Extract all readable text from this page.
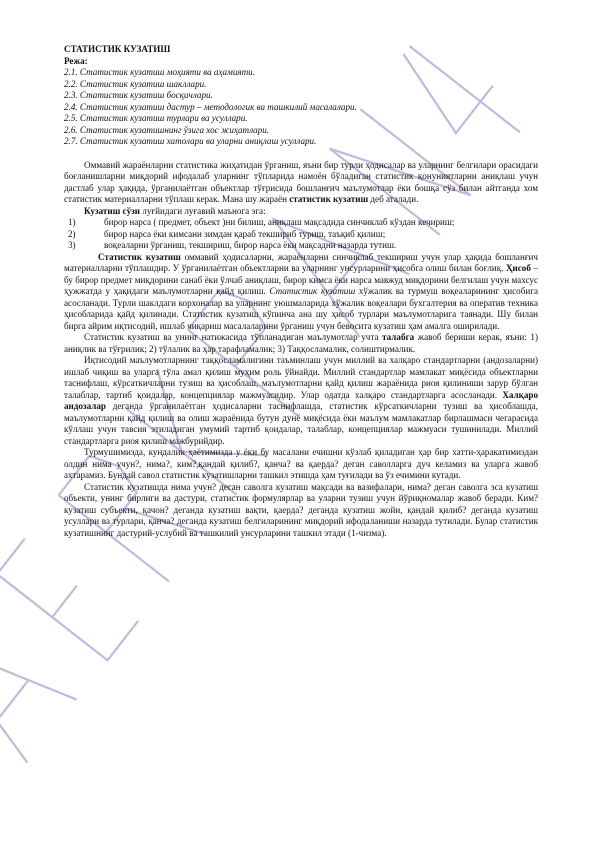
СТАТИСТИК КУЗАТИШ

Режа:

2.1. Статистик кузатиш моҳияти ва аҳамияти.
2.2. Статистик кузатиш шакллари.
2.3. Статистик кузатиш босқичлари.
2.4. Статистик кузатиш дастур – методологик ва ташкилий масалалари.
2.5. Статистик кузатиш турлари ва усуллари.
2.6. Статистик кузатишнинг ўзига хос жиҳатлари.
2.7. Статистик кузатиш хатолари ва уларни аниқлаш усуллари.

Оммавий жараёнларни статистика жиҳатидан ўрганиш, яъни бир турли ҳодисалар ва уларнинг белгилари орасидаги боғланишларни миқдорий ифодалаб уларнинг тўпларида намоён бўладиган статистик қонуниятларни аниқлаш учун дастлаб улар ҳақида, ўрганилаётган объектлар тўғрисида бошланғич маълумотлар ёки бошқа сўз билан айтганда хом статистик материалларни тўплаш керак. Мана шу жараён статистик кузатиш деб аталади.

Кузатиш сўзи луғйидаги луғавий маънога эга:

1)	бирор нарса ( предмет, объект )ни билиш, аниқлаш мақсадида синчиклаб кўздан кечириш;
2)	бирор нарса ёки кимсани зимдан қараб текшириб туриш, таъқиб қилиш;
3)	воқеаларни ўрганиш, текшириш, бирор нарса ёки мақсадни назарда тутиш.

Статистик кузатиш оммавий ҳодисаларни, жараёнларни синчиклаб текшириш учун улар ҳақида бошланғич материалларни тўплашдир. У ўрганилаётган объектларни ва уларнинг унсурларини ҳисобга олиш билан боғлиқ. Ҳисоб – бу бирор предмет миқдорини санаб ёки ўлчаб аниқлаш, бирор кимса ёки нарса мавжуд миқдорини белгилаш учун махсус ҳужжатда у ҳақидаги маълумотларни қайд қилиш. Статистик кузатиш хўжалик ва турмуш воқеаларининг ҳисобига асосланади. Турли шаклдаги корхоналар ва уларнинг уюшмаларида хўжалик воқеалари бухгалтерия ва оператив техника ҳисобларида қайд қилинади. Статистик кузатиш кўпинча ана шу ҳисоб турлари маълумотларига таянади. Шу билан бирга айрим иқтисодий, ишлаб чиқариш масалаларини ўрганиш учун бевосита кузатиш ҳам амалга оширилади.

Статистик кузатиш ва унинг натижасида тўпланадиган маълумотлар учта талабга жавоб бериши керак, яъни: 1) аниқлик ва тўғрилик; 2) тўлалик ва ҳар тарафламалик; 3) Таққосламалик, солиштирмалик.

Иқтисодий маълумотларнинг таққосламалигини таъминлаш учун миллий ва халқаро стандартларни (андозаларни) ишлаб чиқиш ва уларга тўла амал қилиш муҳим роль ўйнайди. Миллий стандартлар мамлакат миқёсида объектларни таснифлаш, кўрсаткичларни тузиш ва ҳисоблаш, маълумотларни қайд қилиш жараёнида риоя қилиниши зарур бўлган талаблар, тартиб қоидалар, концепциялар мажмуасидир. Улар одатда халқаро стандартларга асосланади. Халқаро андозалар деганда ўрганилаётган ҳодисаларни таснифлашда, статистик кўрсаткичларни тузиш ва ҳисоблашда, маълумотларни қайд қилиш ва олиш жараёнида бутун дунё миқёсида ёки маълум мамлакатлар бирлашмаси чегарасида кўллаш учун тавсия этиладиган умумий тартиб қоидалар, талаблар, концепциялар мажмуаси тушинилади. Миллий стандартларга риоя қилиш мажбурийдир.

Турмушимизда, кундалик ҳаётимизда у ёки бу масалани ечишни кўзлаб қиладиган ҳар бир хатти-ҳаракатимиздан олдин нима учун?, нима?, ким?,қандай қилиб?, қанча? ва қаерда? деган саволларга дуч келамиз ва уларга жавоб ахтарамиз. Бундай савол статистик кузатишларни ташкил этишда ҳам туғилади ва ўз ечимини кутади.

Статистик кузатишда нима учун? деган саволга кузатиш мақсади ва вазифалари, нима? деган саволга эса кузатиш объекти, унинг бирлиги ва дастури, статистик формулярлар ва уларни тузиш учун йўриқномалар жавоб беради. Ким? кузатиш субъекти, қачон? деганда кузатиш вақти, қаерда? деганда кузатиш жойи, қандай қилиб? деганда кузатиш усуллари ва турлари, қанча? деганда кузатиш белгиларининг миқдорий ифодаланиши назарда тутилади. Булар статистик кузатишнинг дастурий-услубий ва ташкилий унсурларини ташкил этади (1-чизма).
